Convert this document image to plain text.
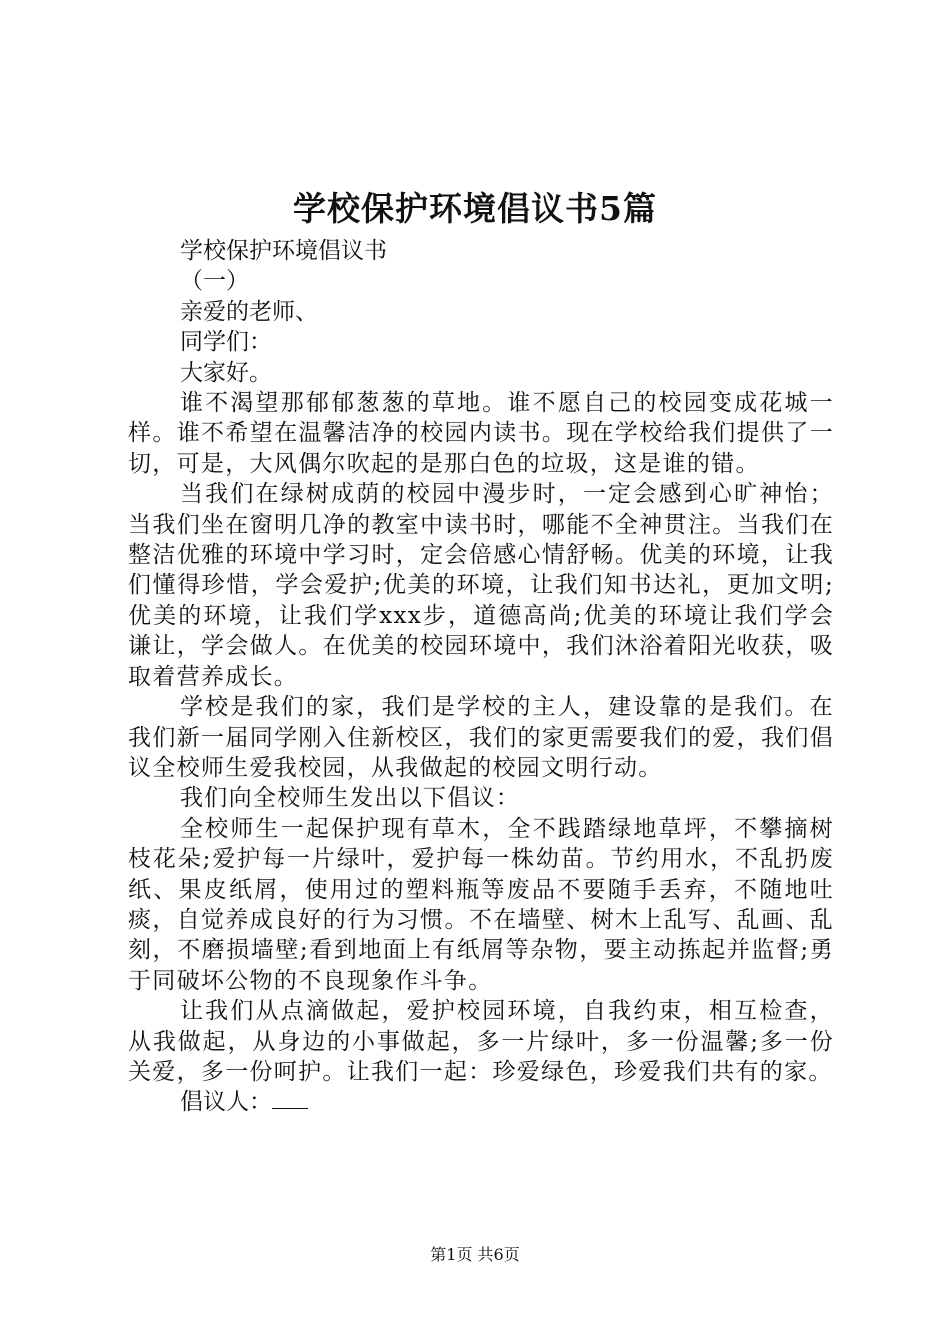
学校保护环境倡议书5篇
学校保护环境倡议书
（一）
亲爱的老师、
同学们：
大家好。

谁不渴望那郁郁葱葱的草地。谁不愿自己的校园变成花城一样。谁不希望在温馨洁净的校园内读书。现在学校给我们提供了一切，可是，大风偶尔吹起的是那白色的垃圾，这是谁的错。

当我们在绿树成荫的校园中漫步时，一定会感到心旷神怡；当我们坐在窗明几净的教室中读书时，哪能不全神贯注。当我们在整洁优雅的环境中学习时，定会倍感心情舒畅。优美的环境，让我们懂得珍惜，学会爱护;优美的环境，让我们知书达礼，更加文明;优美的环境，让我们学xxx步，道德高尚;优美的环境让我们学会谦让，学会做人。在优美的校园环境中，我们沐浴着阳光收获，吸取着营养成长。

学校是我们的家，我们是学校的主人，建设靠的是我们。在我们新一届同学刚入住新校区，我们的家更需要我们的爱，我们倡议全校师生爱我校园，从我做起的校园文明行动。

我们向全校师生发出以下倡议：

全校师生一起保护现有草木，全不践踏绿地草坪，不攀摘树枝花朵;爱护每一片绿叶，爱护每一株幼苗。节约用水，不乱扔废纸、果皮纸屑，使用过的塑料瓶等废品不要随手丢弃，不随地吐痰，自觉养成良好的行为习惯。不在墙壁、树木上乱写、乱画、乱刻，不磨损墙壁;看到地面上有纸屑等杂物，要主动拣起并监督;勇于同破坏公物的不良现象作斗争。

让我们从点滴做起，爱护校园环境，自我约束，相互检查，从我做起，从身边的小事做起，多一片绿叶，多一份温馨;多一份关爱，多一份呵护。让我们一起：珍爱绿色，珍爱我们共有的家。

倡议人：
第1页 共6页
